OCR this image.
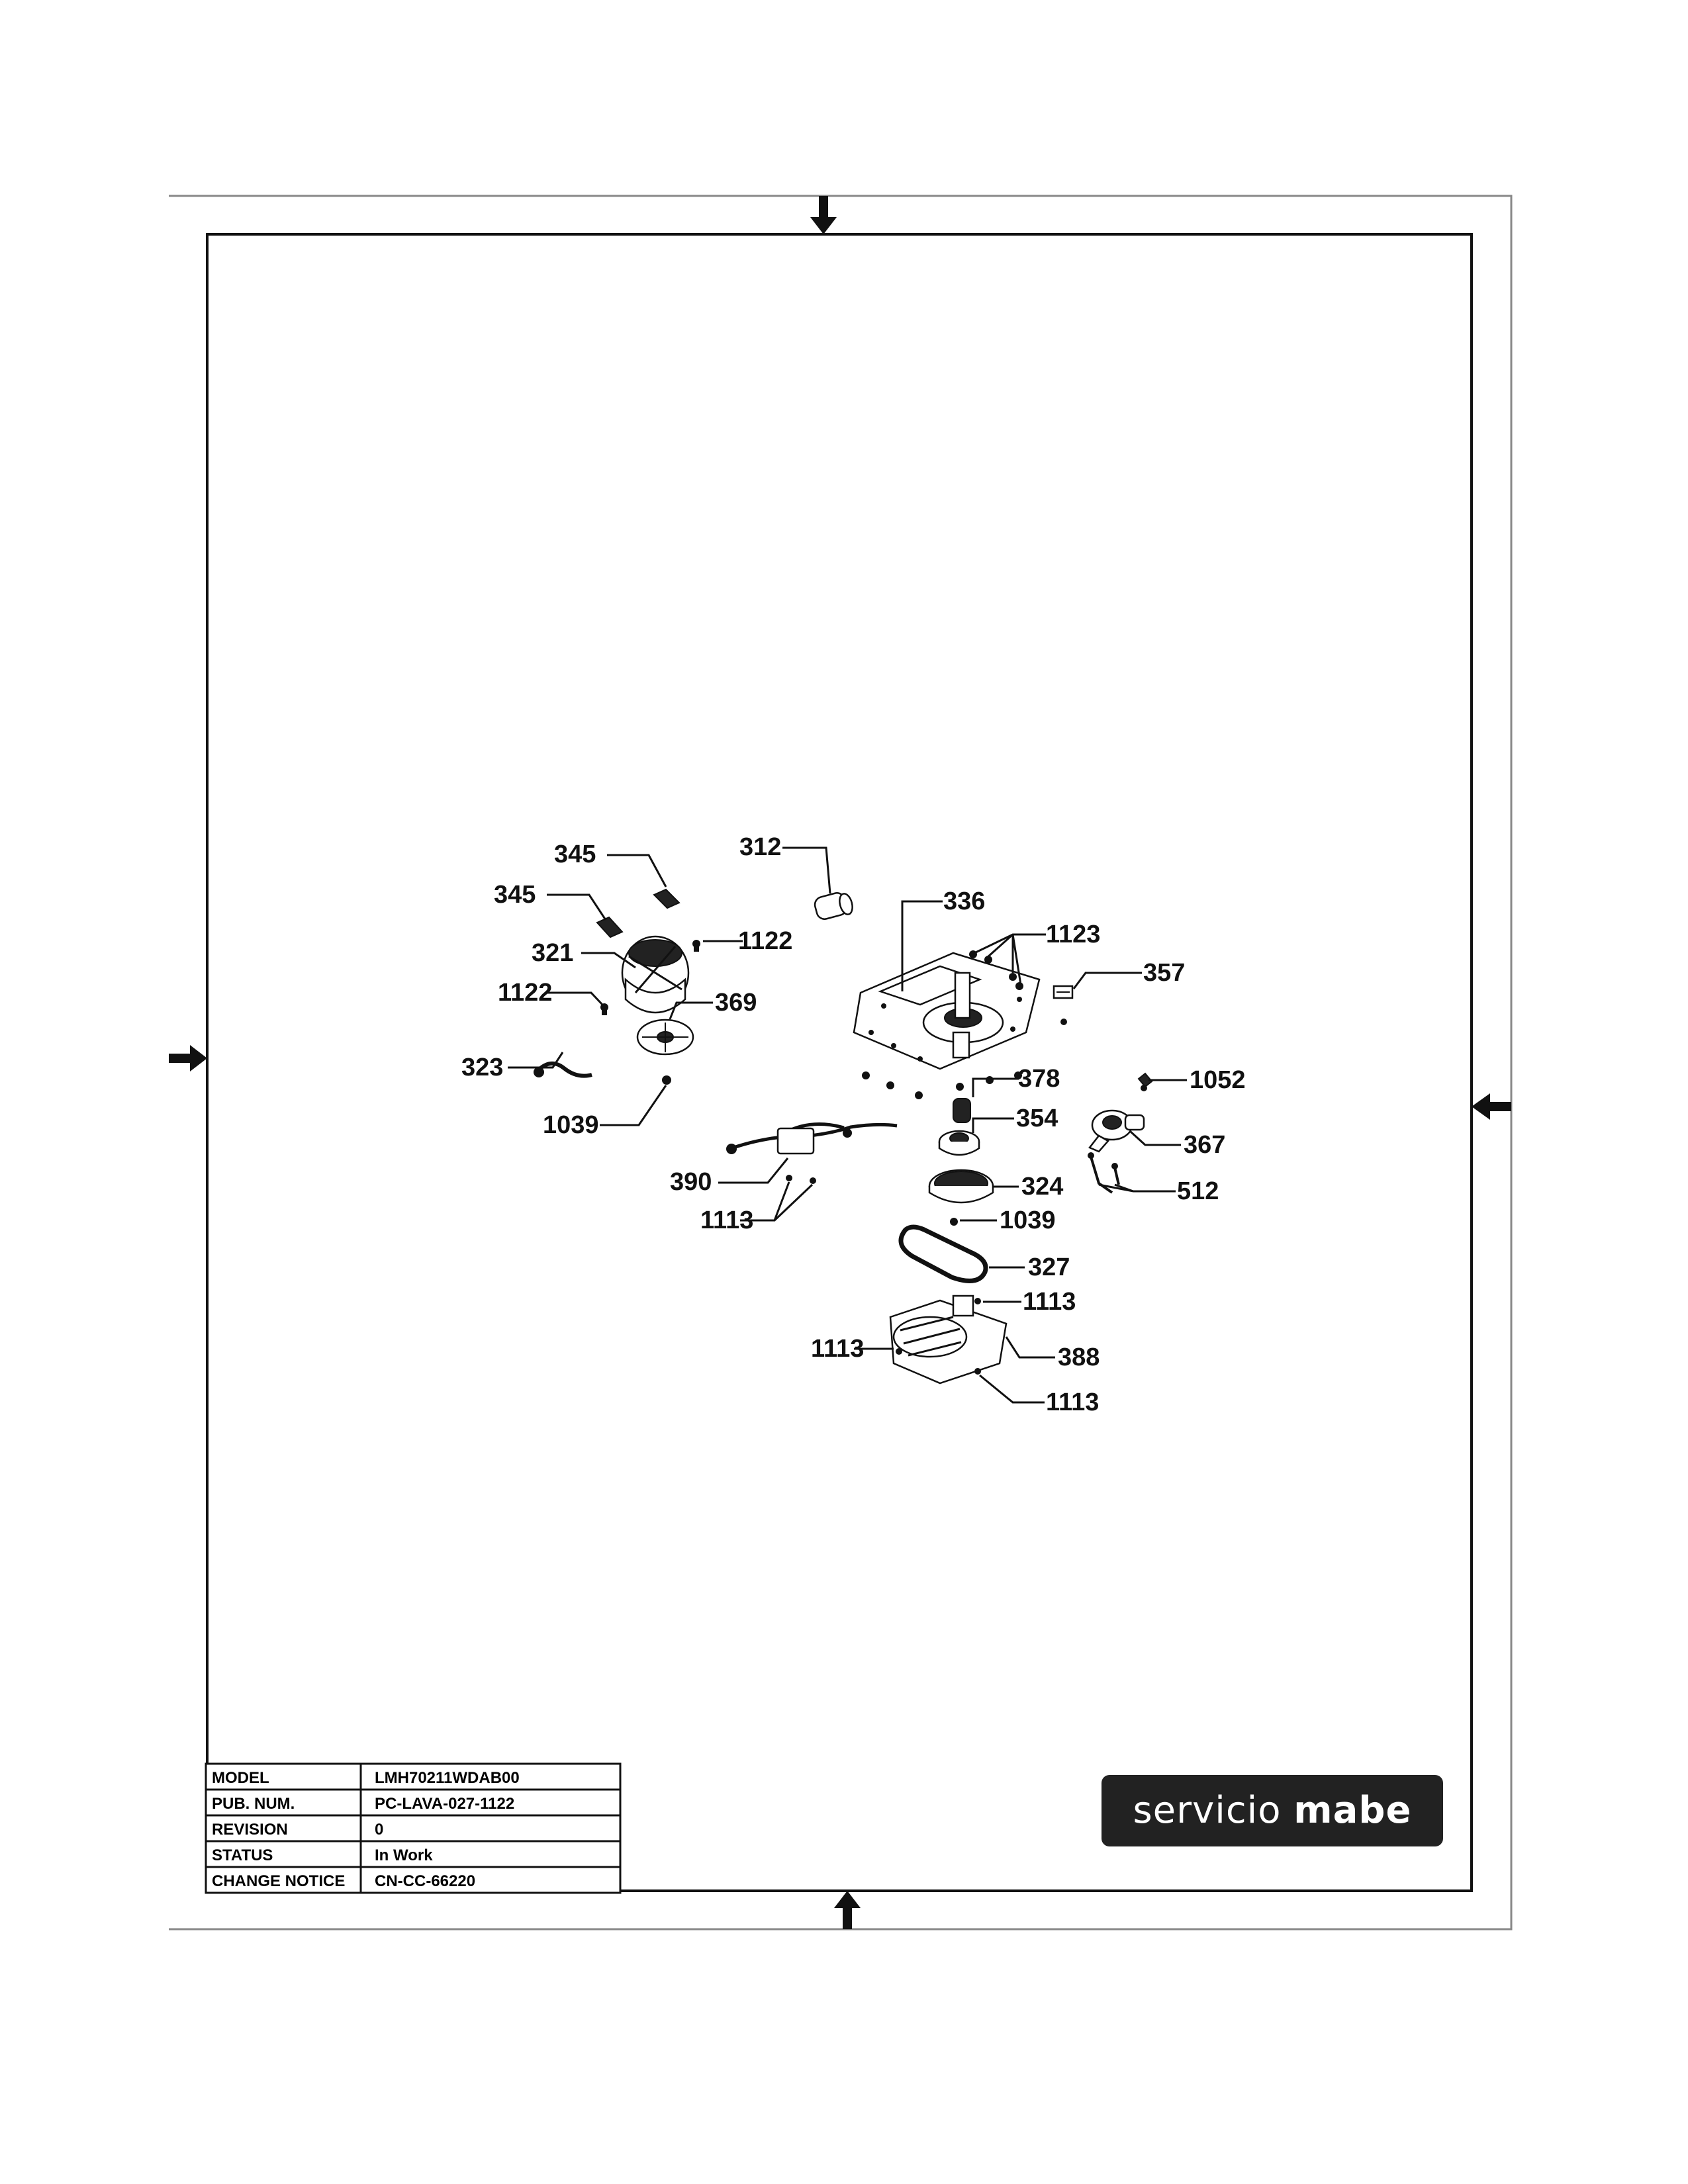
345
345
312
336
1123
1122
321
1122	369
357
323
1039
378	1052
354
367
390	324	512
1113	1039
327
1113
1113	388
1113
MODEL	LMH70211WDAB00
PUB. NUM.	PC-LAVA-027-1122
REVISION	0
STATUS	In Work
CHANGE NOTICE CN-CC-66220
servicio mabe
